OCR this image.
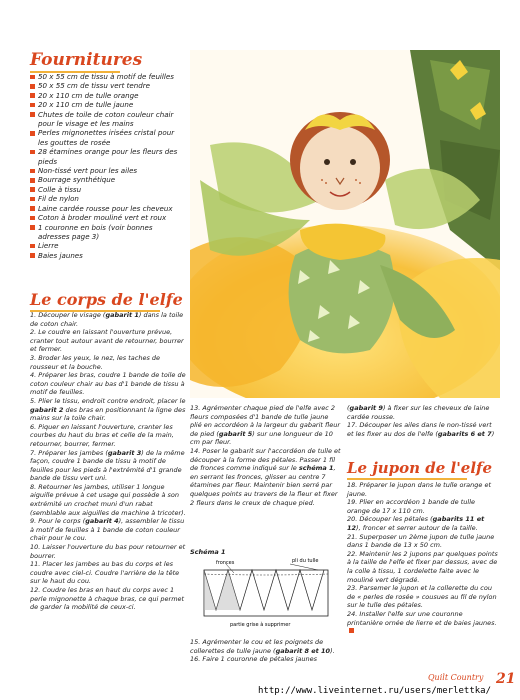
Fournitures
50 x 55 cm de tissu à motif de feuilles
50 x 55 cm de tissu vert tendre
20 x 110 cm de tulle orange
20 x 110 cm de tulle jaune
Chutes de toile de coton couleur chair pour le visage et les mains
Perles mignonettes irisées cristal pour les gouttes de rosée
28 étamines orange pour les fleurs des pieds
Non-tissé vert pour les ailes
Bourrage synthétique
Colle à tissu
Fil de nylon
Laine cardée rousse pour les cheveux
Coton à broder mouliné vert et roux
1 couronne en bois (voir bonnes adresses page 3)
Lierre
Baies jaunes
Le corps de l'elfe

1. Découper le visage (gabarit 1) dans la toile de coton chair.

2. Le coudre en laissant l'ouverture prévue, cranter tout autour avant de retourner, bourrer et fermer.

3. Broder les yeux, le nez, les taches de rousseur et la bouche.

4. Préparer les bras, coudre 1 bande de toile de coton couleur chair au bas d'1 bande de tissu à motif de feuilles.

5. Plier le tissu, endroit contre endroit, placer le gabarit 2 des bras en positionnant la ligne des mains sur la toile chair.

6. Piquer en laissant l'ouverture, cranter les courbes du haut du bras et celle de la main, retourner, bourrer, fermer.

7. Préparer les jambes (gabarit 3) de la même façon, coudre 1 bande de tissu à motif de feuilles pour les pieds à l'extrémité d'1 grande bande de tissu vert uni.

8. Retourner les jambes, utiliser 1 longue aiguille prévue à cet usage qui possède à son extrémité un crochet muni d'un rabat (semblable aux aiguilles de machine à tricoter).

9. Pour le corps (gabarit 4), assembler le tissu à motif de feuilles à 1 bande de coton couleur chair pour le cou.

10. Laisser l'ouverture du bas pour retourner et bourrer.

11. Placer les jambes au bas du corps et les coudre avec ciel-ci. Coudre l'arrière de la tête sur le haut du cou.

12. Coudre les bras en haut du corps avec 1 perle mignonette à chaque bras, ce qui permet de garder la mobilité de ceux-ci.

13. Agrémenter chaque pied de l'elfe avec 2 fleurs composées d'1 bande de tulle jaune plié en accordéon à la largeur du gabarit fleur de pied (gabarit 5) sur une longueur de 10 cm par fleur.

14. Poser le gabarit sur l'accordéon de tulle et découper à la forme des pétales. Passer 1 fil de fronces comme indiqué sur le schéma 1, en serrant les fronces, glisser au centre 7 étamines par fleur. Maintenir bien serré par quelques points au travers de la fleur et fixer 2 fleurs dans le creux de chaque pied.

Schéma 1
fronces	pli du tulle
partie grise à supprimer

15. Agrémenter le cou et les poignets de collerettes de tulle jaune (gabarit 8 et 10).

16. Faire 1 couronne de pétales jaunes

(gabarit 9) à fixer sur les cheveux de laine cardée rousse.

17. Découper les ailes dans le non-tissé vert et les fixer au dos de l'elfe (gabarits 6 et 7)

Le jupon de l'elfe

18. Préparer le jupon dans le tulle orange et jaune.

19. Plier en accordéon 1 bande de tulle orange de 17 x 110 cm.

20. Découper les pétales (gabarits 11 et 12), froncer et serrer autour de la taille.

21. Superposer un 2ème jupon de tulle jaune dans 1 bande de 13 x 50 cm.

22. Maintenir les 2 jupons par quelques points à la taille de l'elfe et fixer par dessus, avec de la colle à tissu, 1 cordelette faite avec le mouliné vert dégradé.

23. Parsemer le jupon et la collerette du cou de « perles de rosée » cousues au fil de nylon sur le tulle des pétales.

24. Installer l'elfe sur une couronne printanière ornée de lierre et de baies jaunes.

Quilt Country 21
http://www.liveinternet.ru/users/merlettka/
